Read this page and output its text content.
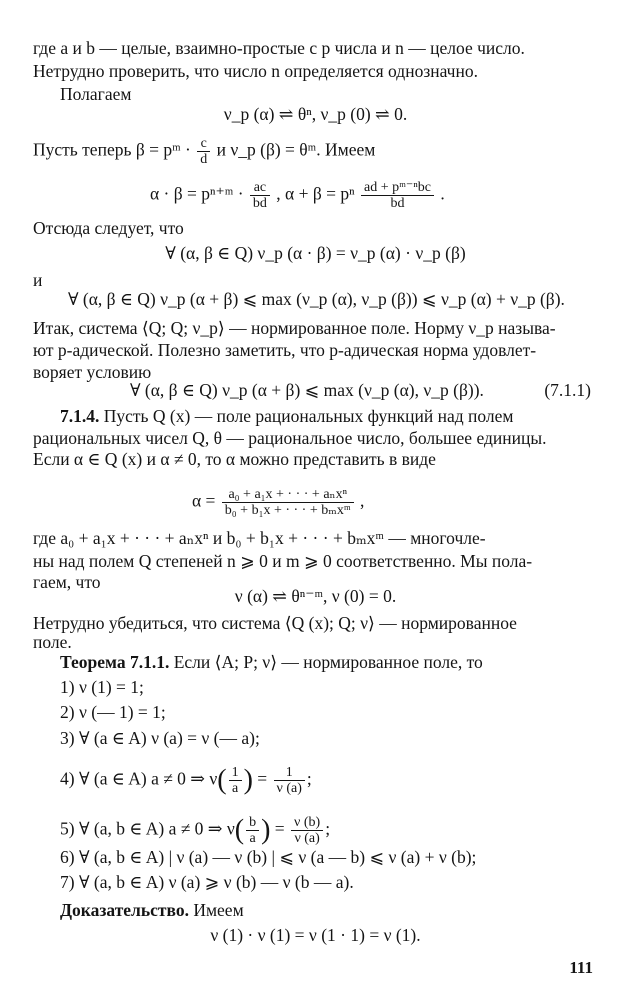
где a и b — целые, взаимно-простые с p числа и n — целое число.
Нетрудно проверить, что число n определяется однозначно.
Полагаем
ν_p (α) ⇌ θⁿ, ν_p (0) ⇌ 0.
Пусть теперь β = pᵐ · $\frac{c}{d}$ и ν_p (β) = θᵐ. Имеем
α · β = pⁿ⁺ᵐ · $\frac{ac}{bd}$ , α + β = pⁿ $\frac{\text{ad + pᵐ⁻ⁿbc}}{bd}$ .
Отсюда следует, что
∀ (α, β ∈ Q) ν_p (α · β) = ν_p (α) · ν_p (β)
и
∀ (α, β ∈ Q) ν_p (α + β) ⩽ max (ν_p (α), ν_p (β)) ⩽ ν_p (α) + ν_p (β).
Итак, система ⟨Q; Q; ν_p⟩ — нормированное поле. Норму ν_p называ-
ют p-адической. Полезно заметить, что p-адическая норма удовлет-
воряет условию
∀ (α, β ∈ Q) ν_p (α + β) ⩽ max (ν_p (α), ν_p (β)).	(7.1.1)
7.1.4. Пусть Q (x) — поле рациональных функций над полем
рациональных чисел Q, θ — рациональное число, большее единицы.
Если α ∈ Q (x) и α ≠ 0, то α можно представить в виде
$\alpha = \frac{\text{a₀ + a₁x + · · · + aₙxⁿ}}{\text{b₀ + b₁x + · · · + bₘxᵐ}}$ ,
где a₀ + a₁x + · · · + aₙxⁿ и b₀ + b₁x + · · · + bₘxᵐ — многочле-
ны над полем Q степеней n ⩾ 0 и m ⩾ 0 соответственно. Мы пола-
гаем, что
ν (α) ⇌ θⁿ⁻ᵐ, ν (0) = 0.
Нетрудно убедиться, что система ⟨Q (x); Q; ν⟩ — нормированное
поле.
Теорема 7.1.1. Если ⟨A; P; ν⟩ — нормированное поле, то
1) ν (1) = 1;
2) ν (— 1) = 1;
3) ∀ (a ∈ A) ν (a) = ν (— a);
4) ∀ (a ∈ A) a ≠ 0 ⇒ $\nu( \frac{1}{a}$ ) = $\frac{1}{\nu (a)}$ ;
5) ∀ (a, b ∈ A) a ≠ 0 ⇒ $\nu( \frac{b}{a}$ ) = $\frac{\nu (b)}{\nu (a)}$ ;
6) ∀ (a, b ∈ A) | ν (a) — ν (b) | ⩽ ν (a — b) ⩽ ν (a) + ν (b);
7) ∀ (a, b ∈ A) ν (a) ⩾ ν (b) — ν (b — a).
Доказательство. Имеем
ν (1) · ν (1) = ν (1 · 1) = ν (1).
111
